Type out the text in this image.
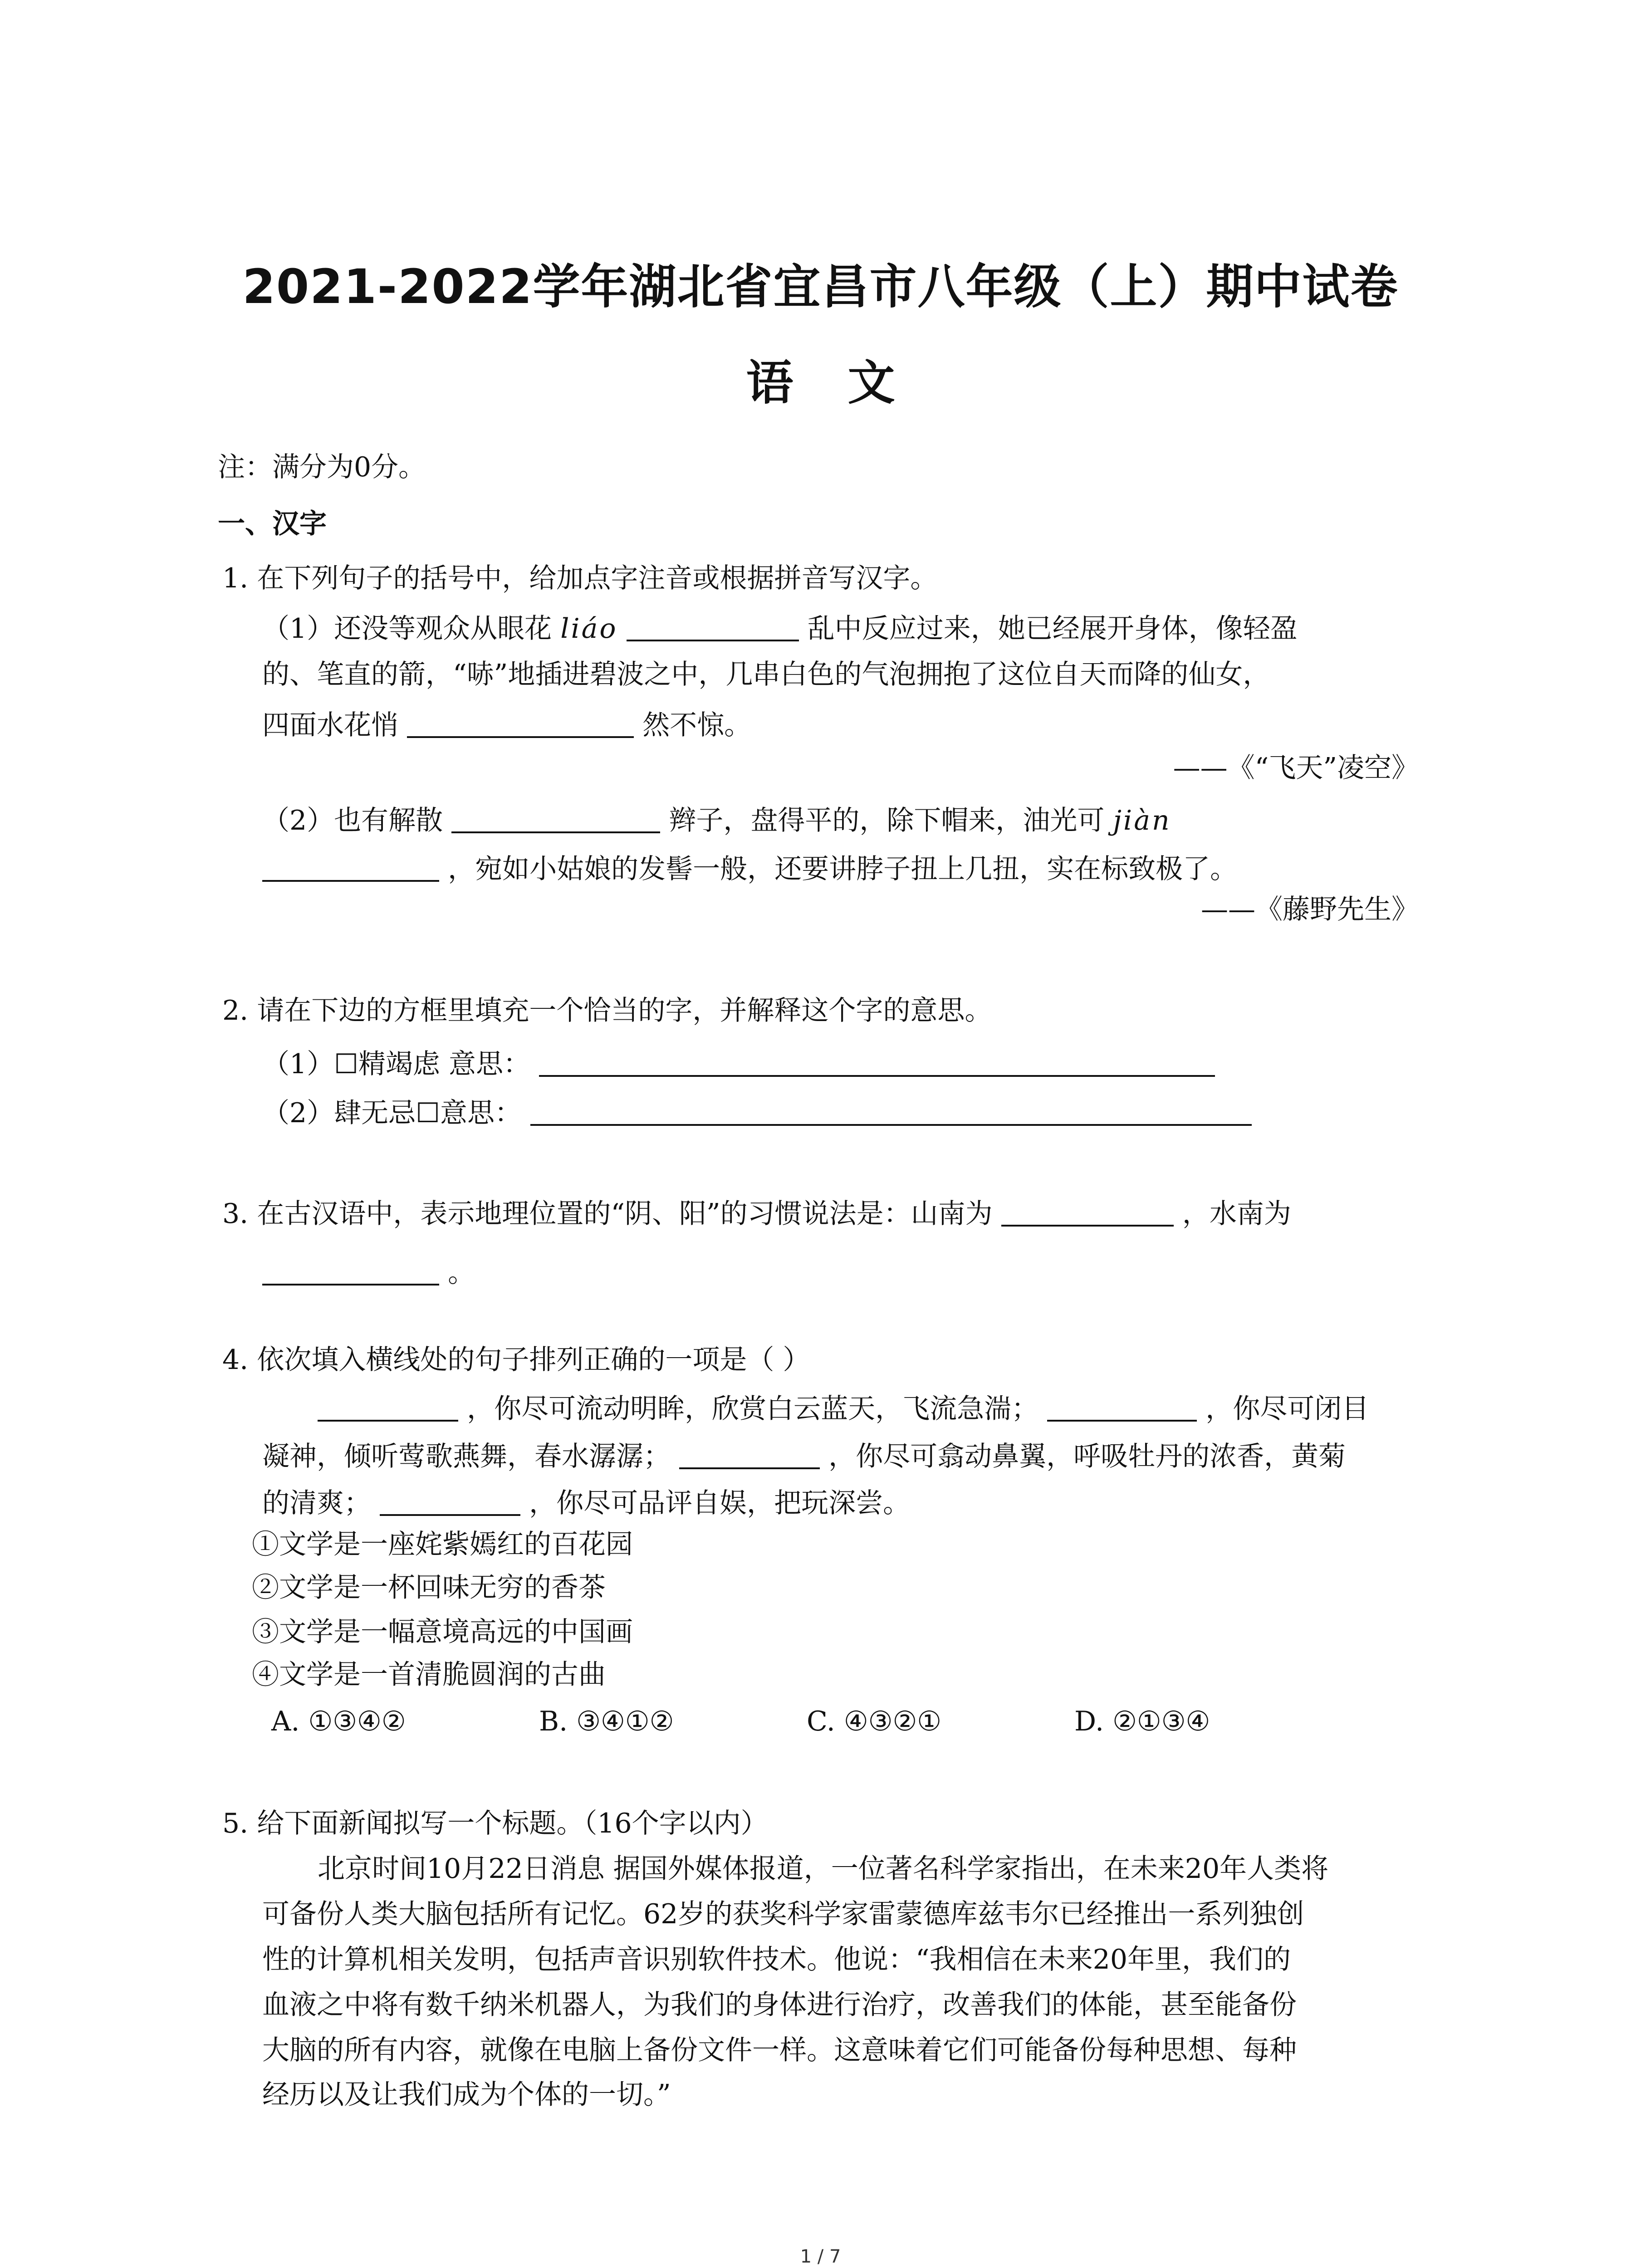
2021-2022学年湖北省宜昌市八年级（上）期中试卷
语文
注：满分为0分。
一、汉字
1. 在下列句子的括号中，给加点字注音或根据拼音写汉字。
（1）还没等观众从眼花 liáo	乱中反应过来，她已经展开身体，像轻盈
的、笔直的箭，“哧”地插进碧波之中，几串白色的气泡拥抱了这位自天而降的仙女，
四面水花悄	然不惊。
——《“飞天”凌空》
（2）也有解散	辫子，盘得平的，除下帽来，油光可 jiàn
，宛如小姑娘的发髻一般，还要讲脖子扭上几扭，实在标致极了。
——《藤野先生》
2. 请在下边的方框里填充一个恰当的字，并解释这个字的意思。
（1）☐精竭虑 意思：
（2）肆无忌☐意思：
3. 在古汉语中，表示地理位置的“阴、阳”的习惯说法是：山南为	，水南为
。
4. 依次填入横线处的句子排列正确的一项是（ ）
，你尽可流动明眸，欣赏白云蓝天，飞流急湍；	，你尽可闭目
凝神，倾听莺歌燕舞，春水潺潺；	，你尽可翕动鼻翼，呼吸牡丹的浓香，黄菊
的清爽；	，你尽可品评自娱，把玩深尝。
①文学是一座姹紫嫣红的百花园
②文学是一杯回味无穷的香茶
③文学是一幅意境高远的中国画
④文学是一首清脆圆润的古曲
A. ①③④②	B. ③④①②	C. ④③②①	D. ②①③④
5. 给下面新闻拟写一个标题。（16个字以内）
北京时间10月22日消息 据国外媒体报道，一位著名科学家指出，在未来20年人类将
可备份人类大脑包括所有记忆。62岁的获奖科学家雷蒙德库兹韦尔已经推出一系列独创
性的计算机相关发明，包括声音识别软件技术。他说：“我相信在未来20年里，我们的
血液之中将有数千纳米机器人，为我们的身体进行治疗，改善我们的体能，甚至能备份
大脑的所有内容，就像在电脑上备份文件一样。这意味着它们可能备份每种思想、每种
经历以及让我们成为个体的一切。”
1 / 7
